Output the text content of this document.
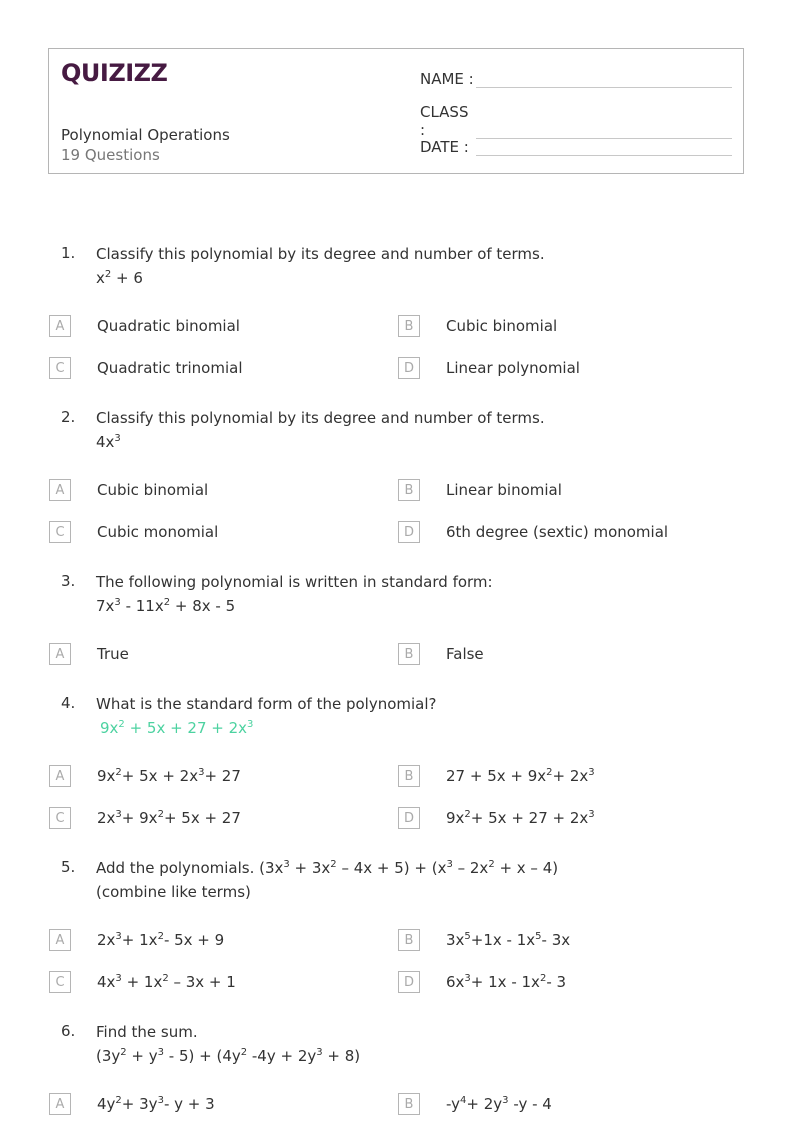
QUIZIZZ
Polynomial Operations
19 Questions
NAME :
CLASS :
DATE :
1. Classify this polynomial by its degree and number of terms.
$x^2 + 6$
A	Quadratic binomial	B	Cubic binomial
C	Quadratic trinomial	D	Linear polynomial
2. Classify this polynomial by its degree and number of terms.
$4x^3$
A	Cubic binomial	B	Linear binomial
C	Cubic monomial	D	6th degree (sextic) monomial
3. The following polynomial is written in standard form:
$7x^3 - 11x^2 + 8x - 5$
A	True	B	False
4. What is the standard form of the polynomial?
$9x^2 + 5x + 27 + 2x^3$
A	$9x^2+ 5x + 2x^3+ 27$	B	$27 + 5x + 9x^2+ 2x^3$
C	$2x^3+ 9x^2+ 5x + 27$	D	$9x^2+ 5x + 27 + 2x^3$
5. Add the polynomials. $(3x^3 + 3x^2 - 4x + 5) + (x^3 - 2x^2 + x - 4)$
(combine like terms)
A	$2x^3+ 1x^2-$ 5x + 9	B	$3x^5+1x - 1x^5-$ 3x
C	$4x^3 + 1x^2 - 3x + 1$	D	$6x^3+ 1x - 1x^2-$ 3
6. Find the sum.
$(3y^2 + y^3 - 5) + (4y^2$ $-4y + 2y^3 + 8$)
A	$4y^2+ 3y^3-$ y + 3	B	$-y^4+ 2y^3$ -y - 4
